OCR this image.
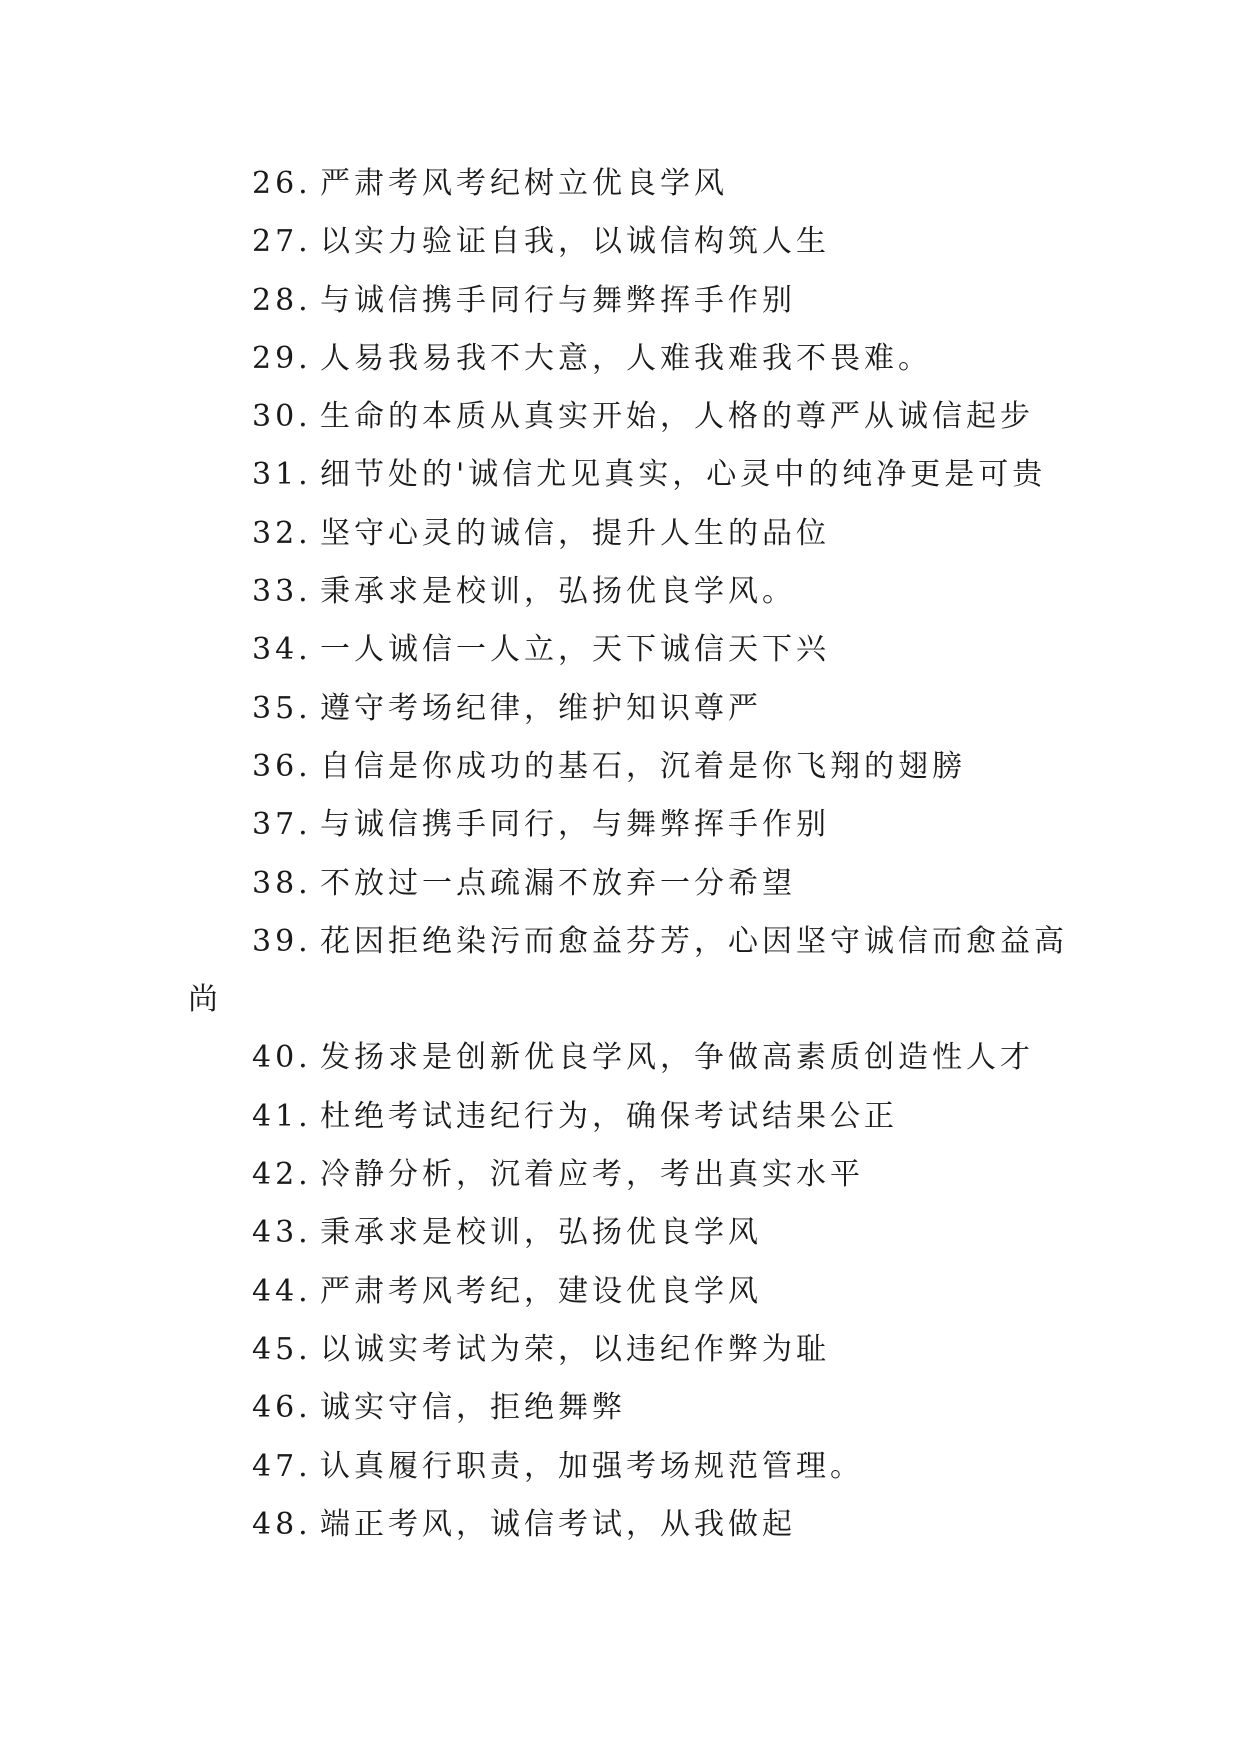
26. 严肃考风考纪树立优良学风
27. 以实力验证自我，以诚信构筑人生
28. 与诚信携手同行与舞弊挥手作别
29. 人易我易我不大意，人难我难我不畏难。
30. 生命的本质从真实开始，人格的尊严从诚信起步
31. 细节处的'诚信尤见真实，心灵中的纯净更是可贵
32. 坚守心灵的诚信，提升人生的品位
33. 秉承求是校训，弘扬优良学风。
34. 一人诚信一人立，天下诚信天下兴
35. 遵守考场纪律，维护知识尊严
36. 自信是你成功的基石，沉着是你飞翔的翅膀
37. 与诚信携手同行，与舞弊挥手作别
38. 不放过一点疏漏不放弃一分希望
39. 花因拒绝染污而愈益芬芳，心因坚守诚信而愈益高
尚
40. 发扬求是创新优良学风，争做高素质创造性人才
41. 杜绝考试违纪行为，确保考试结果公正
42. 冷静分析，沉着应考，考出真实水平
43. 秉承求是校训，弘扬优良学风
44. 严肃考风考纪，建设优良学风
45. 以诚实考试为荣，以违纪作弊为耻
46. 诚实守信，拒绝舞弊
47. 认真履行职责，加强考场规范管理。
48. 端正考风，诚信考试，从我做起
